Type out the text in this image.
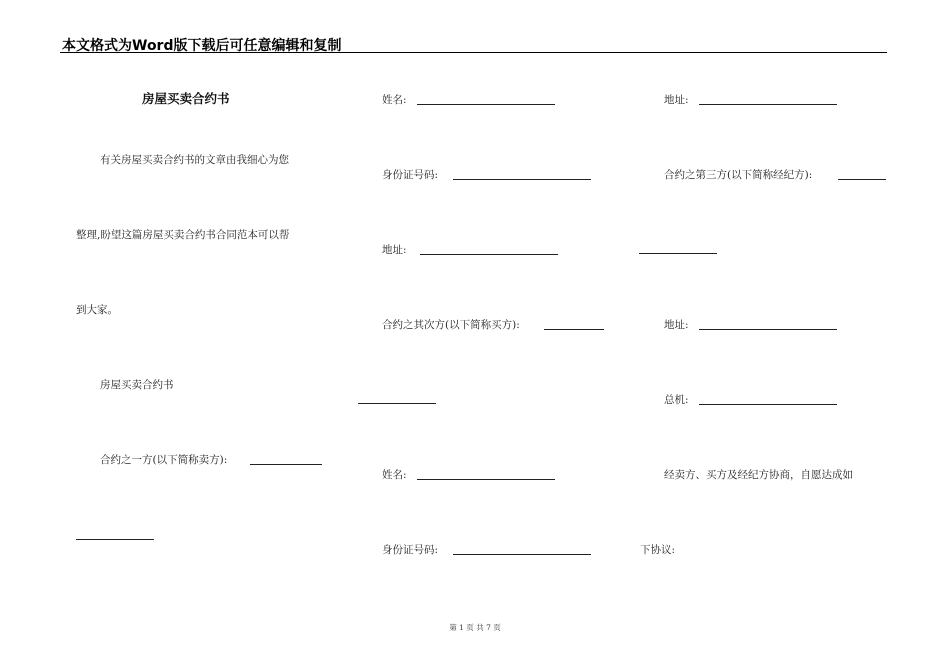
本文格式为Word版下载后可任意编辑和复制
房屋买卖合约书
有关房屋买卖合约书的文章由我细心为您
整理,盼望这篇房屋买卖合约书合同范本可以帮
到大家。
房屋买卖合约书
合约之一方(以下简称卖方):
姓名:
身份证号码:
地址:
合约之其次方(以下简称买方):
姓名:
身份证号码:
地址:
合约之第三方(以下简称经纪方):
地址:
总机:
经卖方、买方及经纪方协商，自愿达成如
下协议:
第 1 页 共 7 页
